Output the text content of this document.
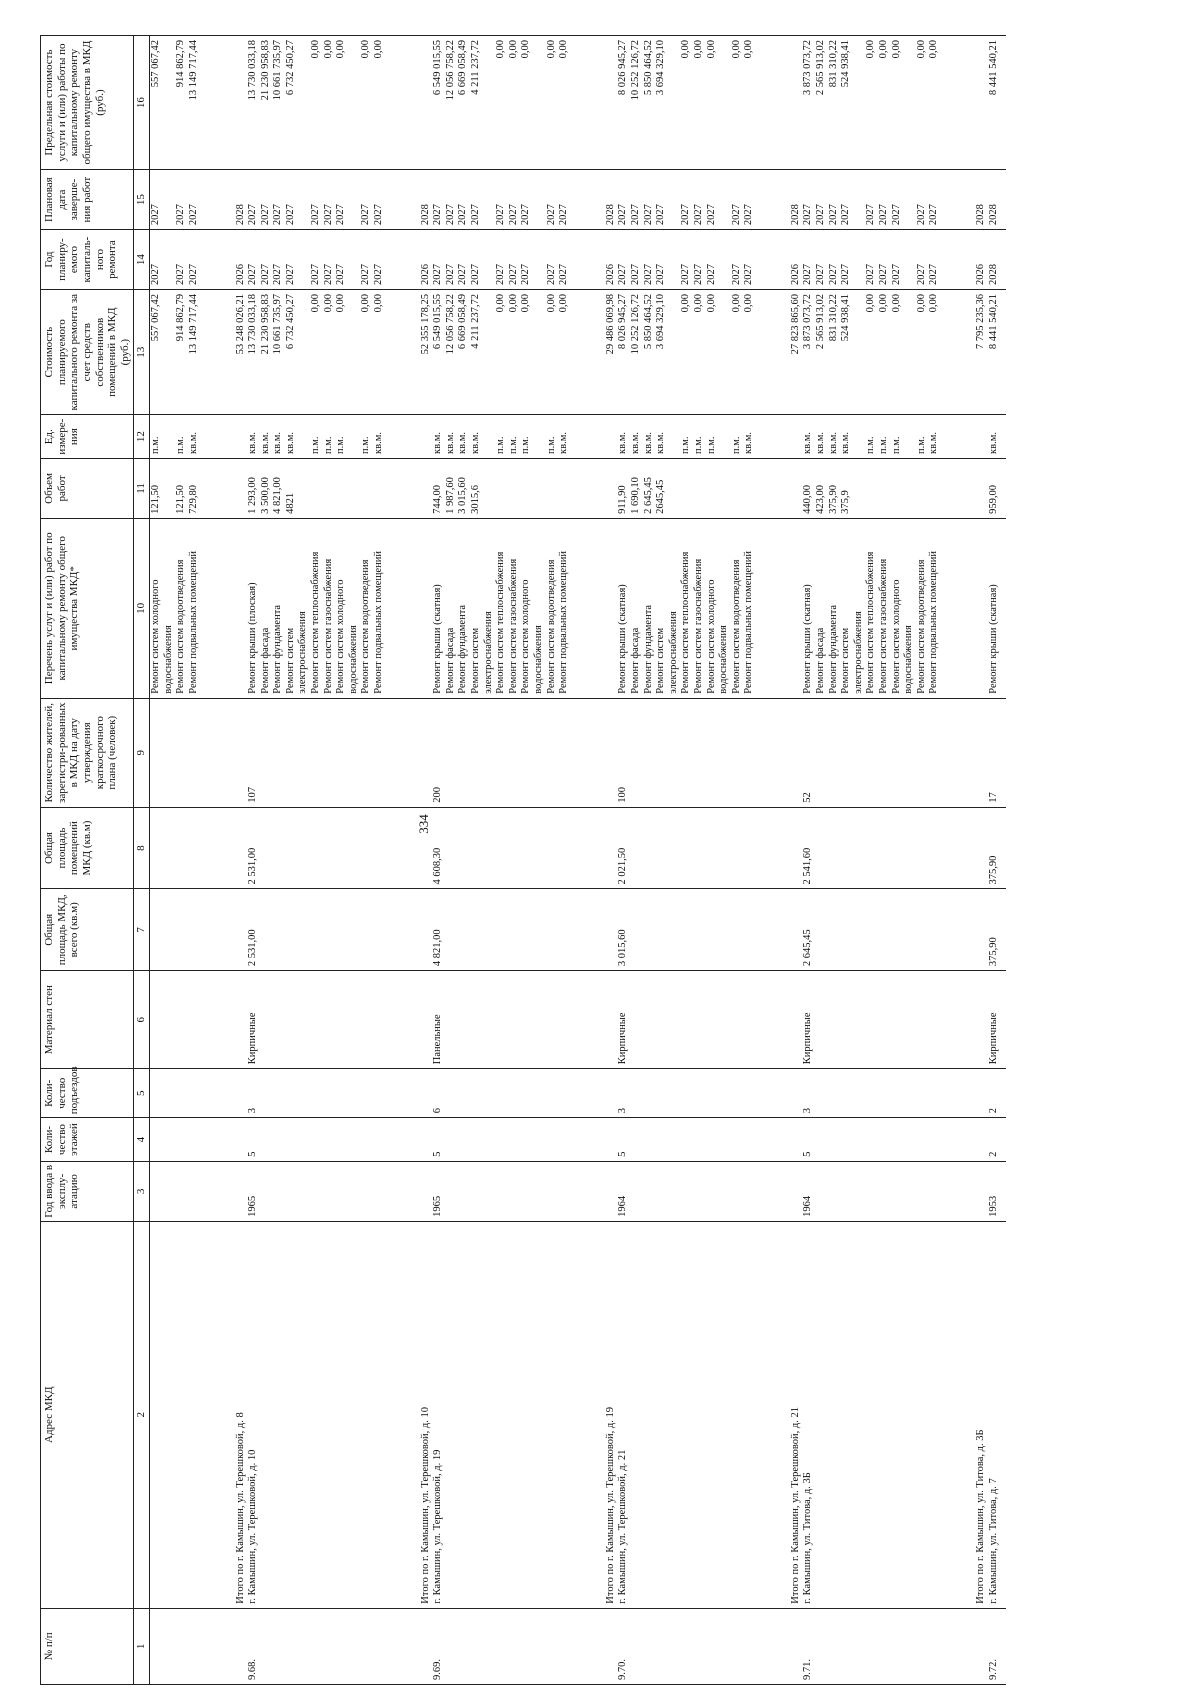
334
№ п/п	Адрес МКД	Год ввода в эксплу-атацию	Коли-чество этажей	Коли-чество подъездов	Материал стен	Общая площадь МКД, всего (кв.м)	Общая площадь помещений МКД (кв.м)	Количество жителей, зарегистри-рованных в МКД на дату утверждения краткосрочного плана (человек)	Перечень услуг и (или) работ по капитальному ремонту общего имущества МКД*	Объем работ	Ед. измере-ния	Стоимость планируемого капитального ремонта за счет средств собственников помещений в МКД (руб.)	Год планиру-емого капиталь-ного ремонта	Плановая дата заверше-ния работ	Предельная стоимость услуги и (или) работы по капитальному ремонту общего имущества в МКД (руб.)
1	2	3	4	5	6	7	8	9	10	11	12	13	14	15	16
									Ремонт систем холодного	121,50	п.м.	557 067,42	2027	2027	557 067,42
									водоснабжения						
									Ремонт систем водоотведения	121,50	п.м.	914 862,79	2027	2027	914 862,79
									Ремонт подвальных помещений	729,80	кв.м.	13 149 717,44	2027	2027	13 149 717,44

	Итого по г. Камышин, ул. Терешковой, д. 8											53 248 026,21	2026	2028	
9.68.	г. Камышин, ул. Терешковой, д. 10	1965	5	3	Кирпичные	2 531,00	2 531,00	107	Ремонт крыши (плоская)	1 293,00	кв.м.	13 730 033,18	2027	2027	13 730 033,18
									Ремонт фасада	3 500,00	кв.м.	21 230 958,83	2027	2027	21 230 958,83
									Ремонт фундамента	4 821,00	кв.м.	10 661 735,97	2027	2027	10 661 735,97
									Ремонт систем	4821	кв.м.	6 732 450,27	2027	2027	6 732 450,27
									электроснабжения						
									Ремонт систем теплоснабжения		п.м.	0,00	2027	2027	0,00

									Ремонт систем газоснабжения		п.м.	0,00	2027	2027	0,00
									Ремонт систем холодного		п.м.	0,00	2027	2027	0,00
									водоснабжения						
									Ремонт систем водоотведения		п.м.	0,00	2027	2027	0,00
									Ремонт подвальных помещений		кв.м.	0,00	2027	2027	0,00

	Итого по г. Камышин, ул. Терешковой, д. 10											52 355 178,25	2026	2028	
9.69.	г. Камышин, ул. Терешковой, д. 19	1965	5	6	Панельные	4 821,00	4 608,30	200	Ремонт крыши (скатная)	744,00	кв.м.	6 549 015,55	2027	2027	6 549 015,55
									Ремонт фасада	1 987,60	кв.м.	12 056 758,22	2027	2027	12 056 758,22
									Ремонт фундамента	3 015,60	кв.м.	6 669 058,49	2027	2027	6 669 058,49
									Ремонт систем	3015,6	кв.м.	4 211 237,72	2027	2027	4 211 237,72
									электроснабжения						
									Ремонт систем теплоснабжения		п.м.	0,00	2027	2027	0,00

									Ремонт систем газоснабжения		п.м.	0,00	2027	2027	0,00
									Ремонт систем холодного		п.м.	0,00	2027	2027	0,00
									водоснабжения						
									Ремонт систем водоотведения		п.м.	0,00	2027	2027	0,00
									Ремонт подвальных помещений		кв.м.	0,00	2027	2027	0,00

	Итого по г. Камышин, ул. Терешковой, д. 19											29 486 069,98	2026	2028	
9.70.	г. Камышин, ул. Терешковой, д. 21	1964	5	3	Кирпичные	3 015,60	2 021,50	100	Ремонт крыши (скатная)	911,90	кв.м.	8 026 945,27	2027	2027	8 026 945,27
									Ремонт фасада	1 690,10	кв.м.	10 252 126,72	2027	2027	10 252 126,72
									Ремонт фундамента	2 645,45	кв.м.	5 850 464,52	2027	2027	5 850 464,52
									Ремонт систем	2645,45	кв.м.	3 694 329,10	2027	2027	3 694 329,10
									электроснабжения						
									Ремонт систем теплоснабжения		п.м.	0,00	2027	2027	0,00

									Ремонт систем газоснабжения		п.м.	0,00	2027	2027	0,00
									Ремонт систем холодного		п.м.	0,00	2027	2027	0,00
									водоснабжения						
									Ремонт систем водоотведения		п.м.	0,00	2027	2027	0,00
									Ремонт подвальных помещений		кв.м.	0,00	2027	2027	0,00

	Итого по г. Камышин, ул. Терешковой, д. 21											27 823 865,60	2026	2028	
9.71.	г. Камышин, ул. Титова, д. 3Б	1964	5	3	Кирпичные	2 645,45	2 541,60	52	Ремонт крыши (скатная)	440,00	кв.м.	3 873 073,72	2027	2027	3 873 073,72
									Ремонт фасада	423,00	кв.м.	2 565 913,02	2027	2027	2 565 913,02
									Ремонт фундамента	375,90	кв.м.	831 310,22	2027	2027	831 310,22
									Ремонт систем	375,9	кв.м.	524 938,41	2027	2027	524 938,41
									электроснабжения						
									Ремонт систем теплоснабжения		п.м.	0,00	2027	2027	0,00

									Ремонт систем газоснабжения		п.м.	0,00	2027	2027	0,00
									Ремонт систем холодного		п.м.	0,00	2027	2027	0,00
									водоснабжения						
									Ремонт систем водоотведения		п.м.	0,00	2027	2027	0,00
									Ремонт подвальных помещений		кв.м.	0,00	2027	2027	0,00

	Итого по г. Камышин, ул. Титова, д. 3Б											7 795 235,36	2026	2028	
9.72.	г. Камышин, ул. Титова, д. 7	1953	2	2	Кирпичные	375,90	375,90	17	Ремонт крыши (скатная)	959,00	кв.м.	8 441 540,21	2028	2028	8 441 540,21
